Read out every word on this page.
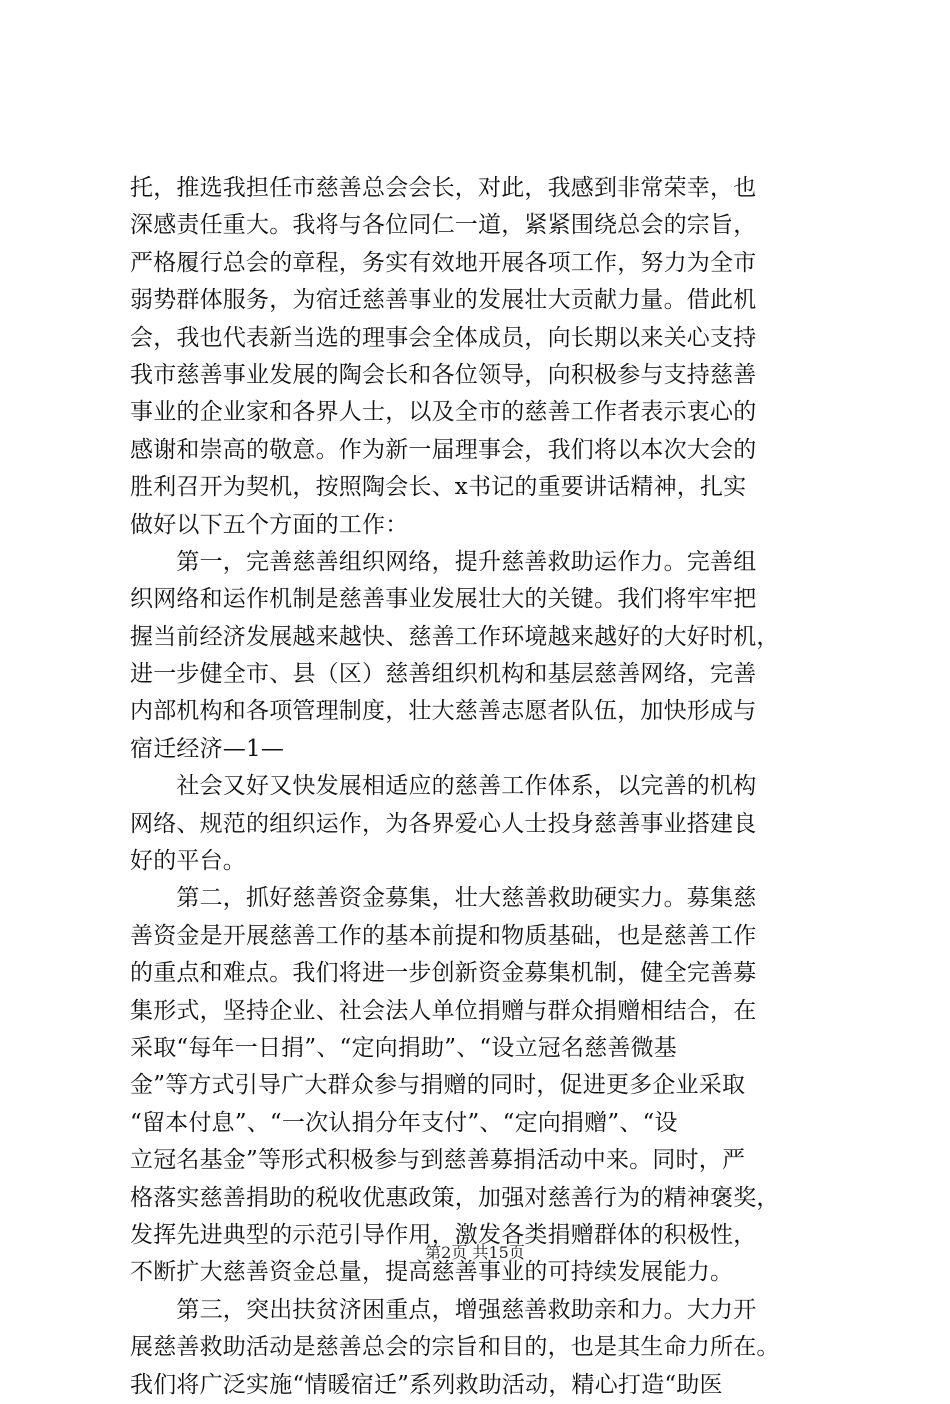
托，推选我担任市慈善总会会长，对此，我感到非常荣幸，也
深感责任重大。我将与各位同仁一道，紧紧围绕总会的宗旨，
严格履行总会的章程，务实有效地开展各项工作，努力为全市
弱势群体服务，为宿迁慈善事业的发展壮大贡献力量。借此机
会，我也代表新当选的理事会全体成员，向长期以来关心支持
我市慈善事业发展的陶会长和各位领导，向积极参与支持慈善
事业的企业家和各界人士，以及全市的慈善工作者表示衷心的
感谢和崇高的敬意。作为新一届理事会，我们将以本次大会的
胜利召开为契机，按照陶会长、x书记的重要讲话精神，扎实
做好以下五个方面的工作：
　　第一，完善慈善组织网络，提升慈善救助运作力。完善组
织网络和运作机制是慈善事业发展壮大的关键。我们将牢牢把
握当前经济发展越来越快、慈善工作环境越来越好的大好时机，
进一步健全市、县（区）慈善组织机构和基层慈善网络，完善
内部机构和各项管理制度，壮大慈善志愿者队伍，加快形成与
宿迁经济—1—
　　社会又好又快发展相适应的慈善工作体系，以完善的机构
网络、规范的组织运作，为各界爱心人士投身慈善事业搭建良
好的平台。
　　第二，抓好慈善资金募集，壮大慈善救助硬实力。募集慈
善资金是开展慈善工作的基本前提和物质基础，也是慈善工作
的重点和难点。我们将进一步创新资金募集机制，健全完善募
集形式，坚持企业、社会法人单位捐赠与群众捐赠相结合，在
采取“每年一日捐”、“定向捐助”、“设立冠名慈善微基
金”等方式引导广大群众参与捐赠的同时，促进更多企业采取
“留本付息”、“一次认捐分年支付”、“定向捐赠”、“设
立冠名基金”等形式积极参与到慈善募捐活动中来。同时，严
格落实慈善捐助的税收优惠政策，加强对慈善行为的精神褒奖，
发挥先进典型的示范引导作用，激发各类捐赠群体的积极性，
不断扩大慈善资金总量，提高慈善事业的可持续发展能力。
　　第三，突出扶贫济困重点，增强慈善救助亲和力。大力开
展慈善救助活动是慈善总会的宗旨和目的，也是其生命力所在。
我们将广泛实施“情暖宿迁”系列救助活动，精心打造“助医
第2页 共15页
